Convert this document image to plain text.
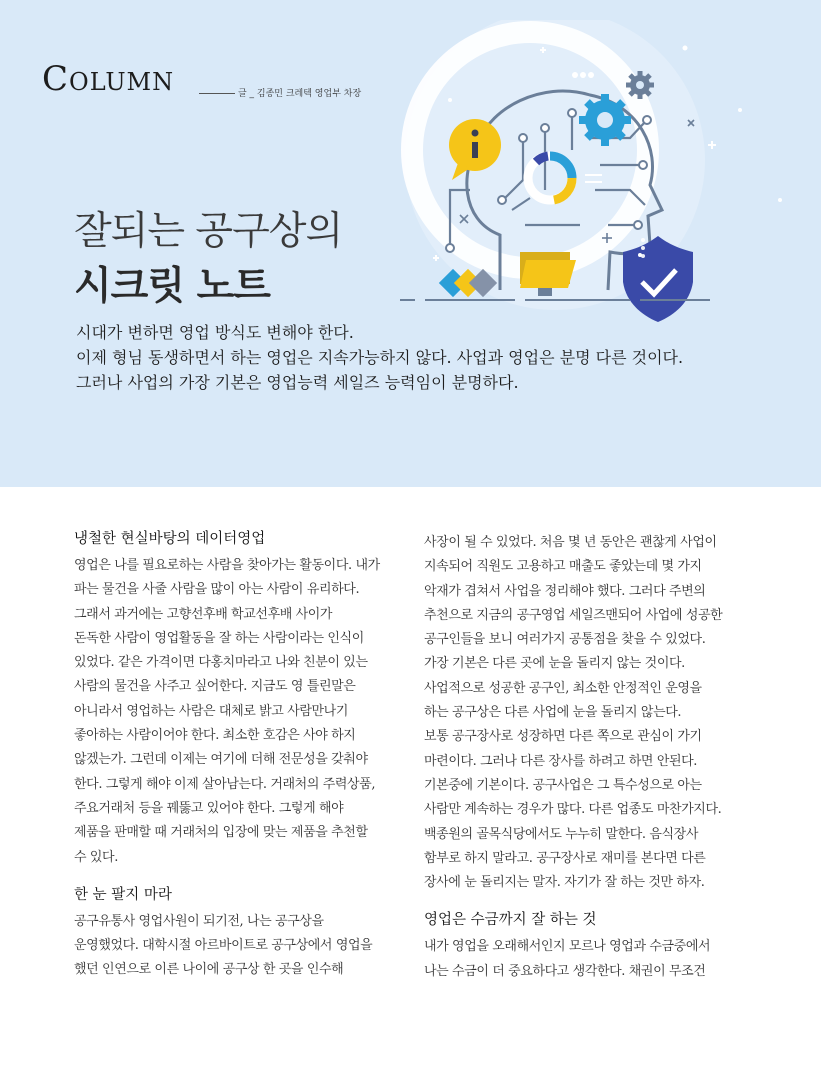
Column	글 _ 김종민 크레텍 영업부 차장
잘되는 공구상의
시크릿 노트
시대가 변하면 영업 방식도 변해야 한다.
이제 형님 동생하면서 하는 영업은 지속가능하지 않다. 사업과 영업은 분명 다른 것이다.
그러나 사업의 가장 기본은 영업능력 세일즈 능력임이 분명하다.
냉철한 현실바탕의 데이터영업
영업은 나를 필요로하는 사람을 찾아가는 활동이다. 내가
파는 물건을 사줄 사람을 많이 아는 사람이 유리하다.
그래서 과거에는 고향선후배 학교선후배 사이가
돈독한 사람이 영업활동을 잘 하는 사람이라는 인식이
있었다. 같은 가격이면 다홍치마라고 나와 친분이 있는
사람의 물건을 사주고 싶어한다. 지금도 영 틀린말은
아니라서 영업하는 사람은 대체로 밝고 사람만나기
좋아하는 사람이어야 한다. 최소한 호감은 사야 하지
않겠는가. 그런데 이제는 여기에 더해 전문성을 갖춰야
한다. 그렇게 해야 이제 살아남는다. 거래처의 주력상품,
주요거래처 등을 꿰뚫고 있어야 한다. 그렇게 해야
제품을 판매할 때 거래처의 입장에 맞는 제품을 추천할
수 있다.
한 눈 팔지 마라
공구유통사 영업사원이 되기전, 나는 공구상을
운영했었다. 대학시절 아르바이트로 공구상에서 영업을
했던 인연으로 이른 나이에 공구상 한 곳을 인수해
사장이 될 수 있었다. 처음 몇 년 동안은 괜찮게 사업이
지속되어 직원도 고용하고 매출도 좋았는데 몇 가지
악재가 겹쳐서 사업을 정리해야 했다. 그러다 주변의
추천으로 지금의 공구영업 세일즈맨되어 사업에 성공한
공구인들을 보니 여러가지 공통점을 찾을 수 있었다.
가장 기본은 다른 곳에 눈을 돌리지 않는 것이다.
사업적으로 성공한 공구인, 최소한 안정적인 운영을
하는 공구상은 다른 사업에 눈을 돌리지 않는다.
보통 공구장사로 성장하면 다른 쪽으로 관심이 가기
마련이다. 그러나 다른 장사를 하려고 하면 안된다.
기본중에 기본이다. 공구사업은 그 특수성으로 아는
사람만 계속하는 경우가 많다. 다른 업종도 마찬가지다.
백종원의 골목식당에서도 누누히 말한다. 음식장사
함부로 하지 말라고. 공구장사로 재미를 본다면 다른
장사에 눈 돌리지는 말자. 자기가 잘 하는 것만 하자.
영업은 수금까지 잘 하는 것
내가 영업을 오래해서인지 모르나 영업과 수금중에서
나는 수금이 더 중요하다고 생각한다. 채권이 무조건
